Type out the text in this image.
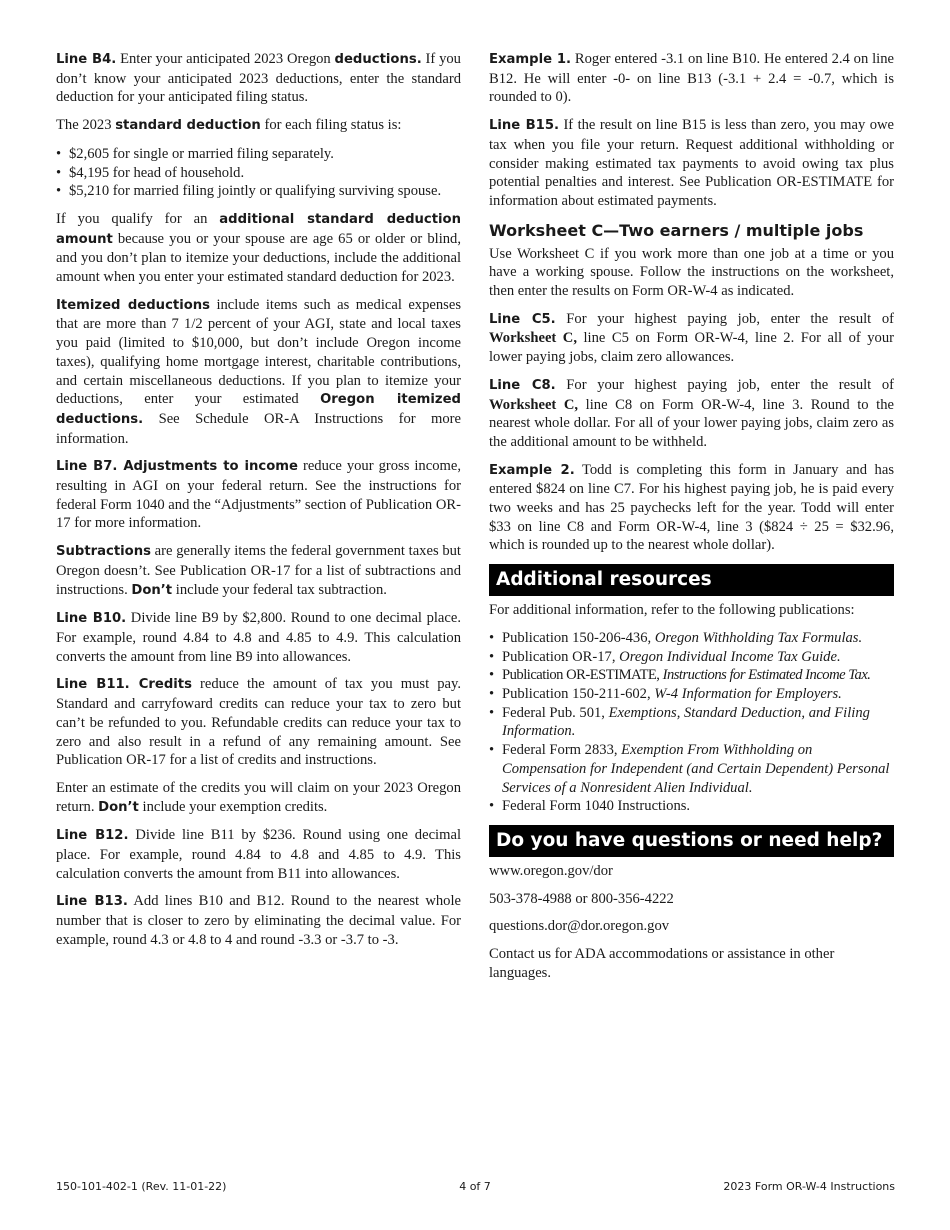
Line B4. Enter your anticipated 2023 Oregon deductions. If you don’t know your anticipated 2023 deductions, enter the standard deduction for your anticipated filing status.

The 2023 standard deduction for each filing status is:

• $2,605 for single or married filing separately.
• $4,195 for head of household.
• $5,210 for married filing jointly or qualifying surviving spouse.

If you qualify for an additional standard deduction amount because you or your spouse are age 65 or older or blind, and you don’t plan to itemize your deductions, include the additional amount when you enter your estimated standard deduction for 2023.

Itemized deductions include items such as medical expenses that are more than 7 1/2 percent of your AGI, state and local taxes you paid (limited to $10,000, but don’t include Oregon income taxes), qualifying home mortgage interest, charitable contributions, and certain miscellaneous deductions. If you plan to itemize your deductions, enter your estimated Oregon itemized deductions. See Schedule OR-A Instructions for more information.

Line B7. Adjustments to income reduce your gross income, resulting in AGI on your federal return. See the instructions for federal Form 1040 and the “Adjustments” section of Publication OR-17 for more information.

Subtractions are generally items the federal government taxes but Oregon doesn’t. See Publication OR-17 for a list of subtractions and instructions. Don’t include your federal tax subtraction.

Line B10. Divide line B9 by $2,800. Round to one decimal place. For example, round 4.84 to 4.8 and 4.85 to 4.9. This calculation converts the amount from line B9 into allowances.

Line B11. Credits reduce the amount of tax you must pay. Standard and carryfoward credits can reduce your tax to zero but can’t be refunded to you. Refundable credits can reduce your tax to zero and also result in a refund of any remaining amount. See Publication OR-17 for a list of credits and instructions.

Enter an estimate of the credits you will claim on your 2023 Oregon return. Don’t include your exemption credits.

Line B12. Divide line B11 by $236. Round using one decimal place. For example, round 4.84 to 4.8 and 4.85 to 4.9. This calculation converts the amount from B11 into allowances.

Line B13. Add lines B10 and B12. Round to the nearest whole number that is closer to zero by eliminating the decimal value. For example, round 4.3 or 4.8 to 4 and round -3.3 or -3.7 to -3.

Example 1. Roger entered -3.1 on line B10. He entered 2.4 on line B12. He will enter -0- on line B13 (-3.1 + 2.4 = -0.7, which is rounded to 0).

Line B15. If the result on line B15 is less than zero, you may owe tax when you file your return. Request additional withholding or consider making estimated tax payments to avoid owing tax plus potential penalties and interest. See Publication OR-ESTIMATE for information about estimated payments.

Worksheet C—Two earners / multiple jobs

Use Worksheet C if you work more than one job at a time or you have a working spouse. Follow the instructions on the worksheet, then enter the results on Form OR-W-4 as indicated.

Line C5. For your highest paying job, enter the result of Worksheet C, line C5 on Form OR-W-4, line 2. For all of your lower paying jobs, claim zero allowances.

Line C8. For your highest paying job, enter the result of Worksheet C, line C8 on Form OR-W-4, line 3. Round to the nearest whole dollar. For all of your lower paying jobs, claim zero as the additional amount to be withheld.

Example 2. Todd is completing this form in January and has entered $824 on line C7. For his highest paying job, he is paid every two weeks and has 25 paychecks left for the year. Todd will enter $33 on line C8 and Form OR-W-4, line 3 ($824 ÷ 25 = $32.96, which is rounded up to the nearest whole dollar).

Additional resources

For additional information, refer to the following publications:

• Publication 150-206-436, Oregon Withholding Tax Formulas.
• Publication OR-17, Oregon Individual Income Tax Guide.
• Publication OR-ESTIMATE, Instructions for Estimated Income Tax.
• Publication 150-211-602, W-4 Information for Employers.
• Federal Pub. 501, Exemptions, Standard Deduction, and Filing Information.
• Federal Form 2833, Exemption From Withholding on Compensation for Independent (and Certain Dependent) Personal Services of a Nonresident Alien Individual.
• Federal Form 1040 Instructions.
Do you have questions or need help?

www.oregon.gov/dor

503-378-4988 or 800-356-4222

questions.dor@dor.oregon.gov

Contact us for ADA accommodations or assistance in other languages.

150-101-402-1 (Rev. 11-01-22)	4 of 7	2023 Form OR-W-4 Instructions
